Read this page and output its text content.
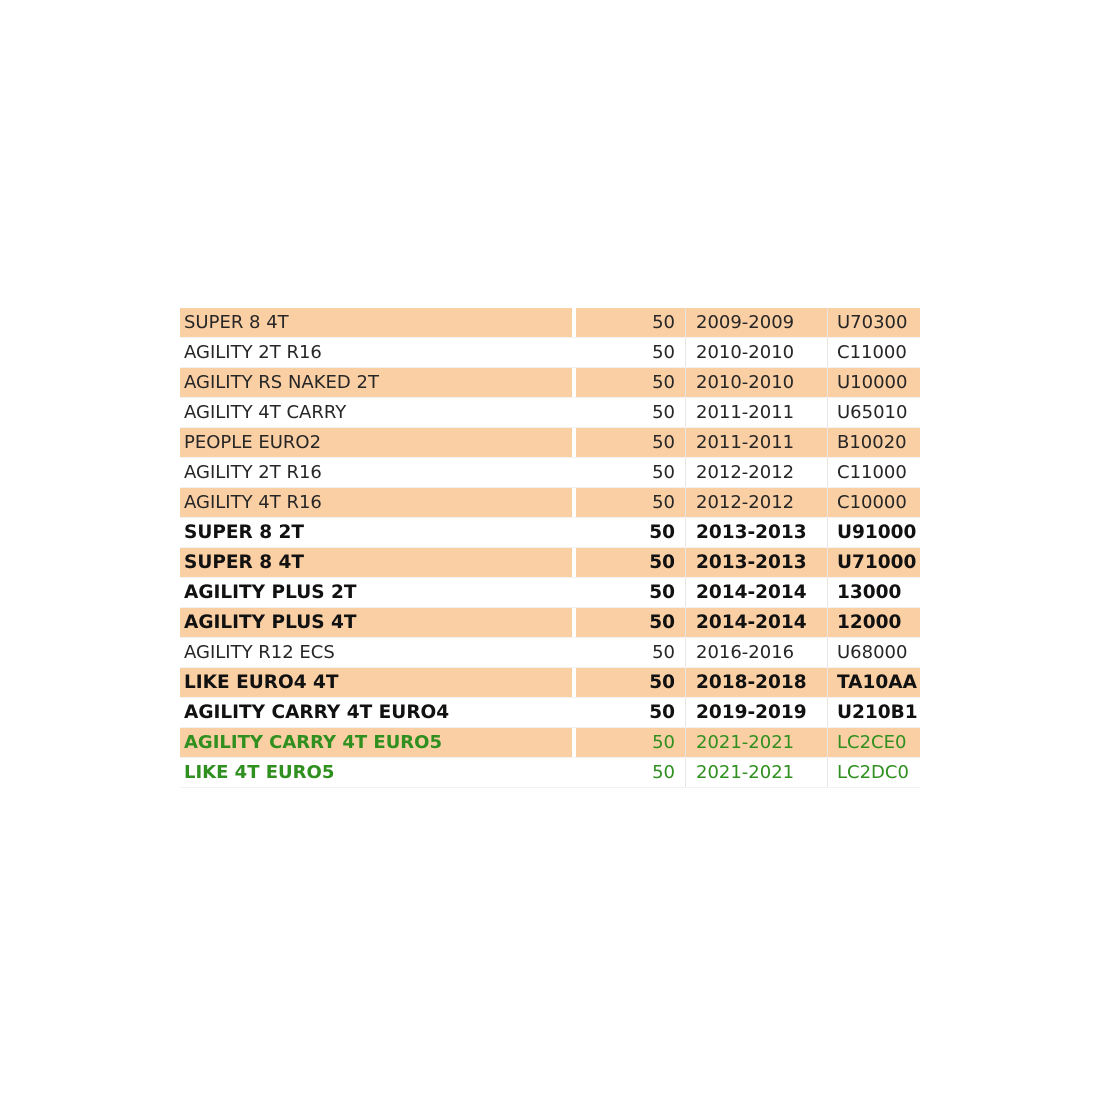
SUPER 8 4T	50	2009-2009	U70300
AGILITY 2T R16	50	2010-2010	C11000
AGILITY RS NAKED 2T	50	2010-2010	U10000
AGILITY 4T CARRY	50	2011-2011	U65010
PEOPLE EURO2	50	2011-2011	B10020
AGILITY 2T R16	50	2012-2012	C11000
AGILITY 4T R16	50	2012-2012	C10000
SUPER 8 2T	50	2013-2013	U91000
SUPER 8 4T	50	2013-2013	U71000
AGILITY PLUS 2T	50	2014-2014	13000
AGILITY PLUS 4T	50	2014-2014	12000
AGILITY R12 ECS	50	2016-2016	U68000
LIKE EURO4 4T	50	2018-2018	TA10AA
AGILITY CARRY 4T EURO4	50	2019-2019	U210B1
AGILITY CARRY 4T EURO5	50	2021-2021	LC2CE0
LIKE 4T EURO5	50	2021-2021	LC2DC0
